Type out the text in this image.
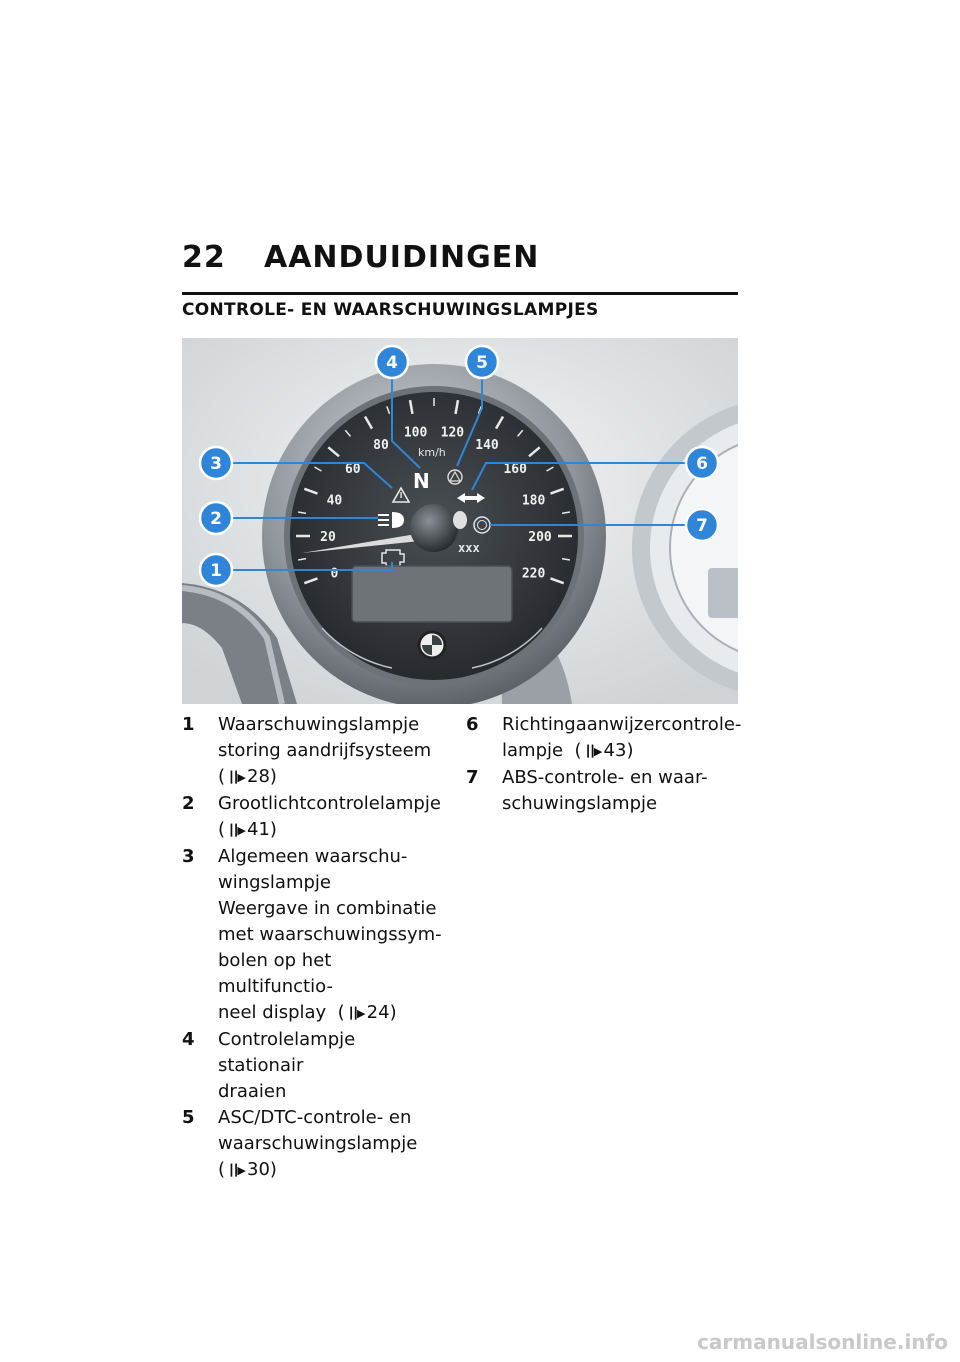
22 AANDUIDINGEN
CONTROLE- EN WAARSCHUWINGSLAMPJES
0
20
40
60
80
100 120
140
160
180
200
220
km/h
N
xxx
1
2
3
4	5
6
7
1	Waarschuwingslampje
storing aandrijfsysteem
( ┃┃▶ 28)
2	Grootlichtcontrolelampje
( ┃┃▶ 41)
3	Algemeen waarschu-
wingslampje
Weergave in combinatie
met waarschuwingssym-
bolen op het multifunctio-
neel display  ( ┃┃▶ 24)
4	Controlelampje stationair
draaien
5	ASC/DTC-controle- en
waarschuwingslampje
( ┃┃▶ 30)
6	Richtingaanwijzercontrole-
lampje  ( ┃┃▶ 43)
7	ABS-controle- en waar-
schuwingslampje
carmanualsonline.info
